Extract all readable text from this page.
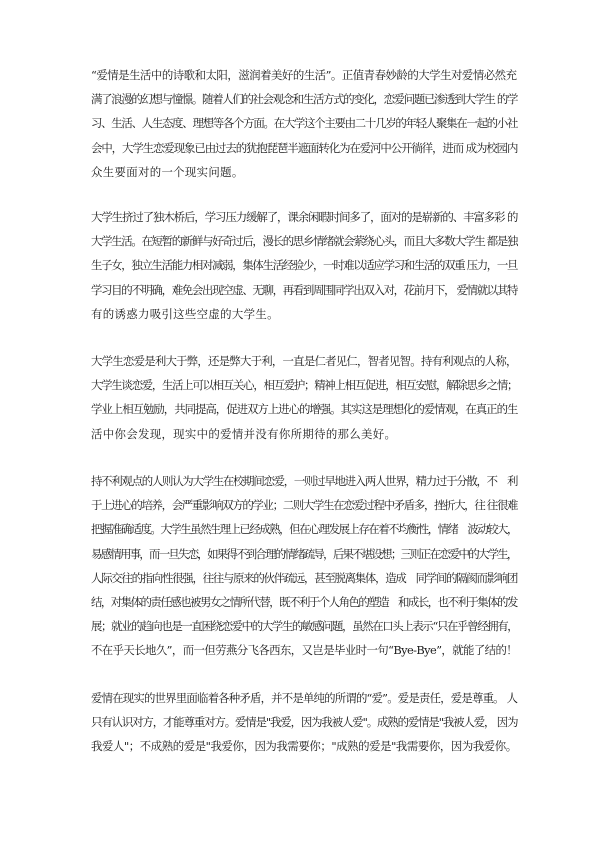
“爱情是生活中的诗歌和太阳，滋润着美好的生活”。正值青春妙龄的大学生对爱情必然充
满了浪漫的幻想与憧憬。随着人们的社会观念和生活方式的变化，恋爱问题已渗透到大学生 的学
习、生活、人生态度、理想等各个方面。在大学这个主要由二十几岁的年轻人聚集在一起的小社
会中，大学生恋爱现象已由过去的犹抱琵琶半遮面转化为在爱河中公开徜徉，进而 成为校园内
众生要面对的一个现实问题。
大学生挤过了独木桥后，学习压力缓解了，课余闲暇时间多了，面对的是崭新的、丰富多彩 的
大学生活。在短暂的新鲜与好奇过后，漫长的思乡情绪就会萦绕心头，而且大多数大学生 都是独
生子女，独立生活能力相对减弱，集体生活经验少，一时难以适应学习和生活的双重 压力，一旦
学习目的不明确，难免会出现空虚、无聊，再看到周围同学出双入对，花前月下， 爱情就以其特
有的诱惑力吸引这些空虚的大学生。
大学生恋爱是利大于弊，还是弊大于利，一直是仁者见仁，智者见智。持有利观点的人称，
大学生谈恋爱，生活上可以相互关心，相互爱护；精神上相互促进，相互安慰，解除思乡之情；
学业上相互勉励，共同提高，促进双方上进心的增强。其实这是理想化的爱情观，在真正的生
活中你会发现，现实中的爱情并没有你所期待的那么美好。
持不利观点的人则认为大学生在校期间恋爱，一则过早地进入两人世界，精力过于分散，不　利
于上进心的培养，会严重影响双方的学业；二则大学生在恋爱过程中矛盾多，挫折大，往 往很难
把握准确适度。大学生虽然生理上已经成熟，但在心理发展上存在着不均衡性，情绪　波动较大，
易感情用事，而一旦失恋，如果得不到合理的情绪疏导，后果不堪设想；三则正在恋爱中的大学生，
人际交往的指向性很强，往往与原来的伙伴疏远，甚至脱离集体，造成　同学间的隔阂而影响团
结，对集体的责任感也被男女之情所代替，既不利于个人角色的塑造　和成长，也不利于集体的发
展；就业的趋向也是一直困绕恋爱中的大学生的敏感问题，虽然在口头上表示“只在乎曾经拥有，
不在乎天长地久”，而一但劳燕分飞各西东，又岂是毕业时一句“Bye-Bye”，就能了结的！
爱情在现实的世界里面临着各种矛盾，并不是单纯的所谓的“爱”。爱是责任，爱是尊重。 人
只有认识对方，才能尊重对方。爱情是"我爱，因为我被人爱"。成熟的爱情是"我被人爱， 因为
我爱人"；不成熟的爱是"我爱你，因为我需要你；"成熟的爱是"我需要你，因为我爱你。
